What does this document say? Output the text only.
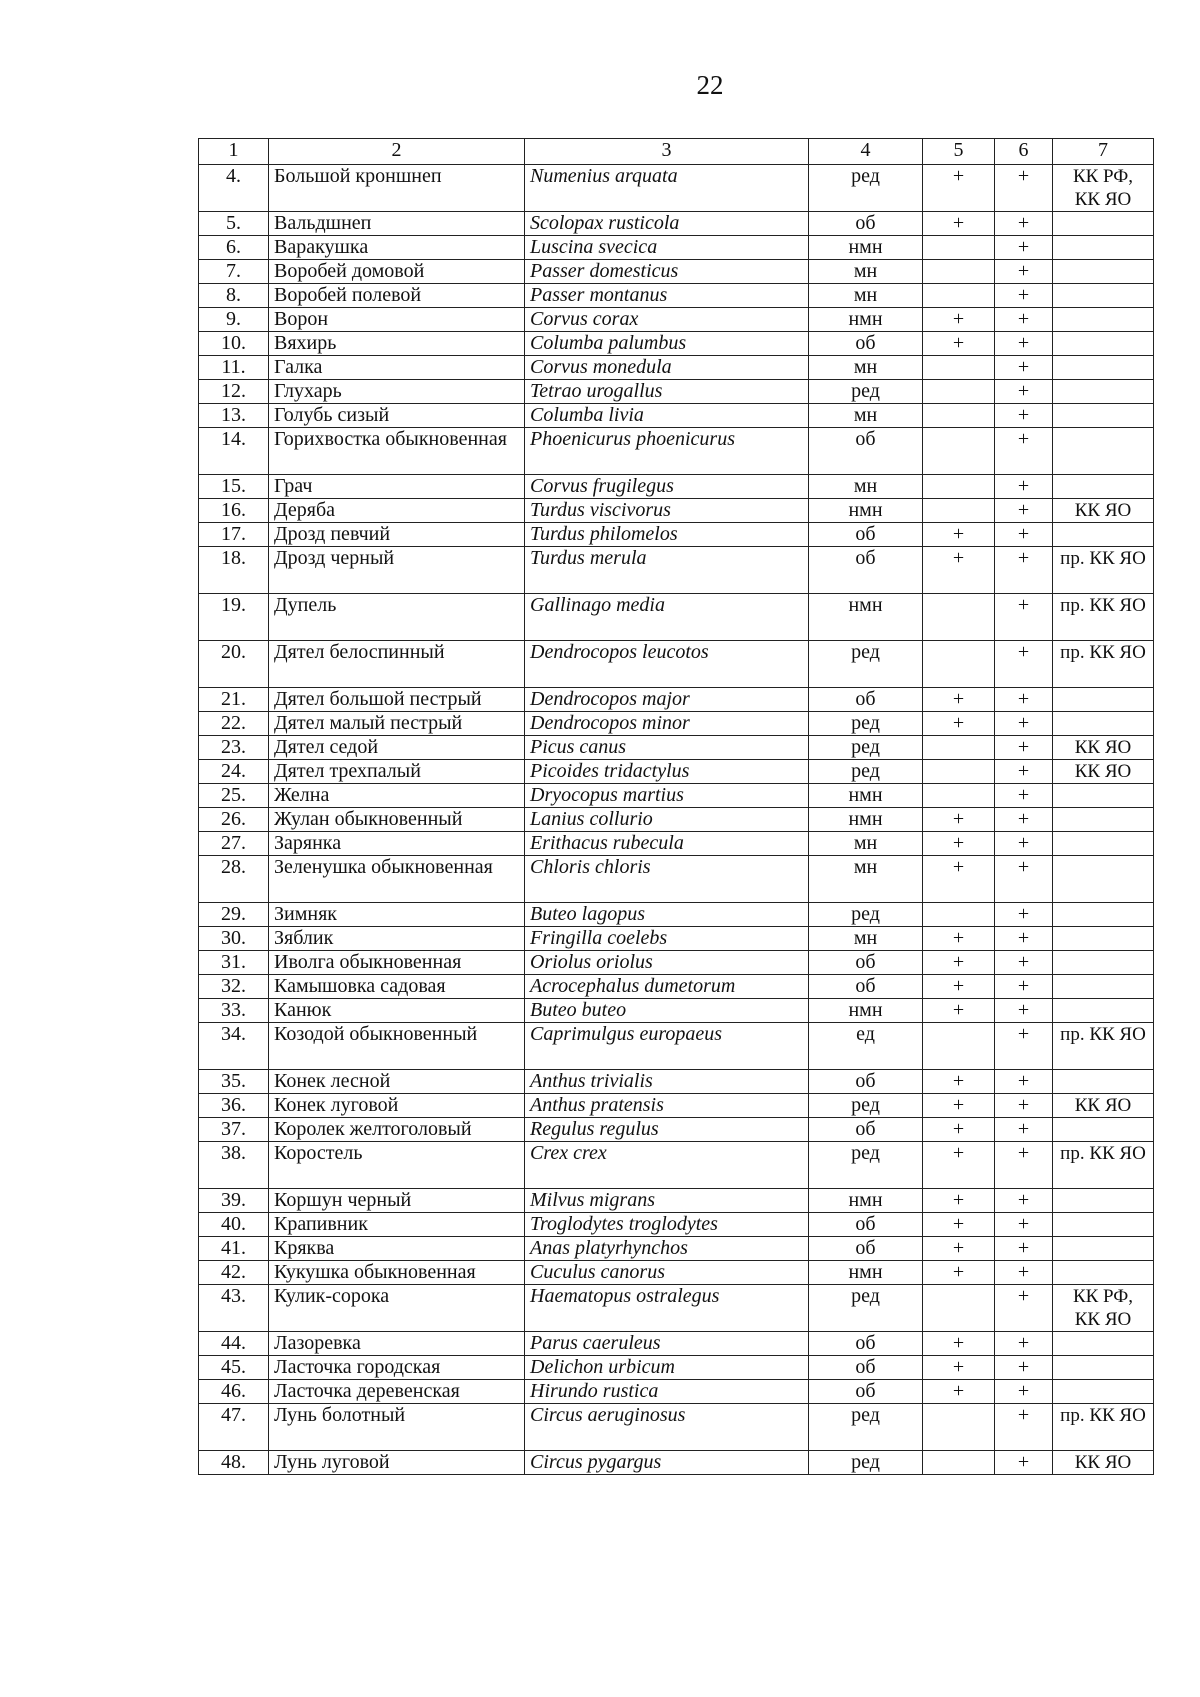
22
1	2	3	4	5	6	7
4.	Большой кроншнеп	Numenius arquata	ред	+	+	КК РФ, КК ЯО
5.	Вальдшнеп	Scolopax rusticola	об	+	+	
6.	Варакушка	Luscina svecica	нмн		+	
7.	Воробей домовой	Passer domesticus	мн		+	
8.	Воробей полевой	Passer montanus	мн		+	
9.	Ворон	Corvus corax	нмн	+	+	
10.	Вяхирь	Columba palumbus	об	+	+	
11.	Галка	Corvus monedula	мн		+	
12.	Глухарь	Tetrao urogallus	ред		+	
13.	Голубь сизый	Columba livia	мн		+	
14.	Горихвостка обыкновенная	Phoenicurus phoenicurus	об		+	
15.	Грач	Corvus frugilegus	мн		+	
16.	Деряба	Turdus viscivorus	нмн		+	КК ЯО
17.	Дрозд певчий	Turdus philomelos	об	+	+	
18.	Дрозд черный	Turdus merula	об	+	+	пр. КК ЯО
19.	Дупель	Gallinago media	нмн		+	пр. КК ЯО
20.	Дятел белоспинный	Dendrocopos leucotos	ред		+	пр. КК ЯО
21.	Дятел большой пестрый	Dendrocopos major	об	+	+	
22.	Дятел малый пестрый	Dendrocopos minor	ред	+	+	
23.	Дятел седой	Picus canus	ред		+	КК ЯО
24.	Дятел трехпалый	Picoides tridactylus	ред		+	КК ЯО
25.	Желна	Dryocopus martius	нмн		+	
26.	Жулан обыкновенный	Lanius collurio	нмн	+	+	
27.	Зарянка	Erithacus rubecula	мн	+	+	
28.	Зеленушка обыкновенная	Chloris chloris	мн	+	+	
29.	Зимняк	Buteo lagopus	ред		+	
30.	Зяблик	Fringilla coelebs	мн	+	+	
31.	Иволга обыкновенная	Oriolus oriolus	об	+	+	
32.	Камышовка садовая	Acrocephalus dumetorum	об	+	+	
33.	Канюк	Buteo buteo	нмн	+	+	
34.	Козодой обыкновенный	Caprimulgus europaeus	ед		+	пр. КК ЯО
35.	Конек лесной	Anthus trivialis	об	+	+	
36.	Конек луговой	Anthus pratensis	ред	+	+	КК ЯО
37.	Королек желтоголовый	Regulus regulus	об	+	+	
38.	Коростель	Crex crex	ред	+	+	пр. КК ЯО
39.	Коршун черный	Milvus migrans	нмн	+	+	
40.	Крапивник	Troglodytes troglodytes	об	+	+	
41.	Кряква	Anas platyrhynchos	об	+	+	
42.	Кукушка обыкновенная	Cuculus canorus	нмн	+	+	
43.	Кулик-сорока	Haematopus ostralegus	ред		+	КК РФ, КК ЯО
44.	Лазоревка	Parus caeruleus	об	+	+	
45.	Ласточка городская	Delichon urbicum	об	+	+	
46.	Ласточка деревенская	Hirundo rustica	об	+	+	
47.	Лунь болотный	Circus aeruginosus	ред		+	пр. КК ЯО
48.	Лунь луговой	Circus pygargus	ред		+	КК ЯО
